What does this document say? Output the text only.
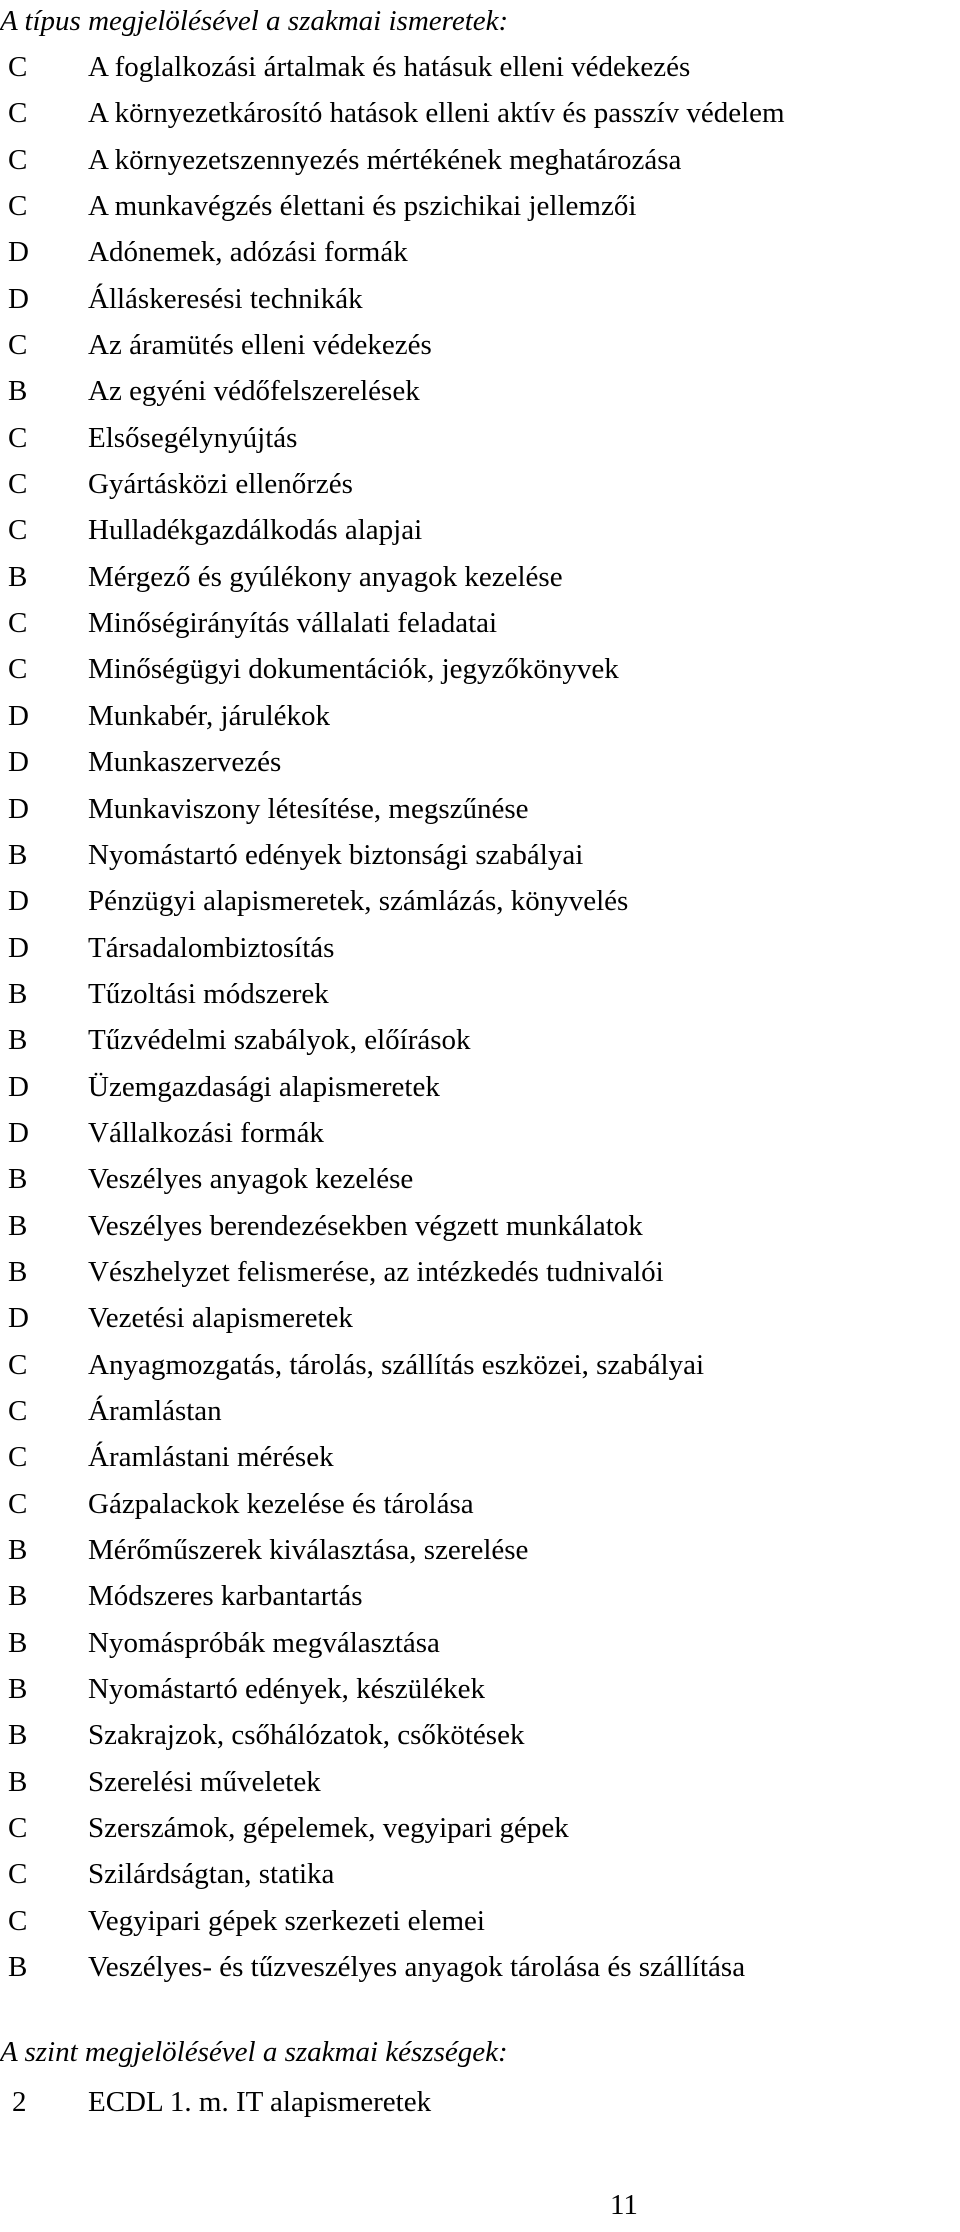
A típus megjelölésével a szakmai ismeretek:
C A foglalkozási ártalmak és hatásuk elleni védekezés
C A környezetkárosító hatások elleni aktív és passzív védelem
C A környezetszennyezés mértékének meghatározása
C A munkavégzés élettani és pszichikai jellemzői
D Adónemek, adózási formák
D Álláskeresési technikák
C Az áramütés elleni védekezés
B Az egyéni védőfelszerelések
C Elsősegélynyújtás
C Gyártásközi ellenőrzés
C Hulladékgazdálkodás alapjai
B Mérgező és gyúlékony anyagok kezelése
C Minőségirányítás vállalati feladatai
C Minőségügyi dokumentációk, jegyzőkönyvek
D Munkabér, járulékok
D Munkaszervezés
D Munkaviszony létesítése, megszűnése
B Nyomástartó edények biztonsági szabályai
D Pénzügyi alapismeretek, számlázás, könyvelés
D Társadalombiztosítás
B Tűzoltási módszerek
B Tűzvédelmi szabályok, előírások
D Üzemgazdasági alapismeretek
D Vállalkozási formák
B Veszélyes anyagok kezelése
B Veszélyes berendezésekben végzett munkálatok
B Vészhelyzet felismerése, az intézkedés tudnivalói
D Vezetési alapismeretek
C Anyagmozgatás, tárolás, szállítás eszközei, szabályai
C Áramlástan
C Áramlástani mérések
C Gázpalackok kezelése és tárolása
B Mérőműszerek kiválasztása, szerelése
B Módszeres karbantartás
B Nyomáspróbák megválasztása
B Nyomástartó edények, készülékek
B Szakrajzok, csőhálózatok, csőkötések
B Szerelési műveletek
C Szerszámok, gépelemek, vegyipari gépek
C Szilárdságtan, statika
C Vegyipari gépek szerkezeti elemei
B Veszélyes- és tűzveszélyes anyagok tárolása és szállítása
A szint megjelölésével a szakmai készségek:
2 ECDL 1. m. IT alapismeretek
11
